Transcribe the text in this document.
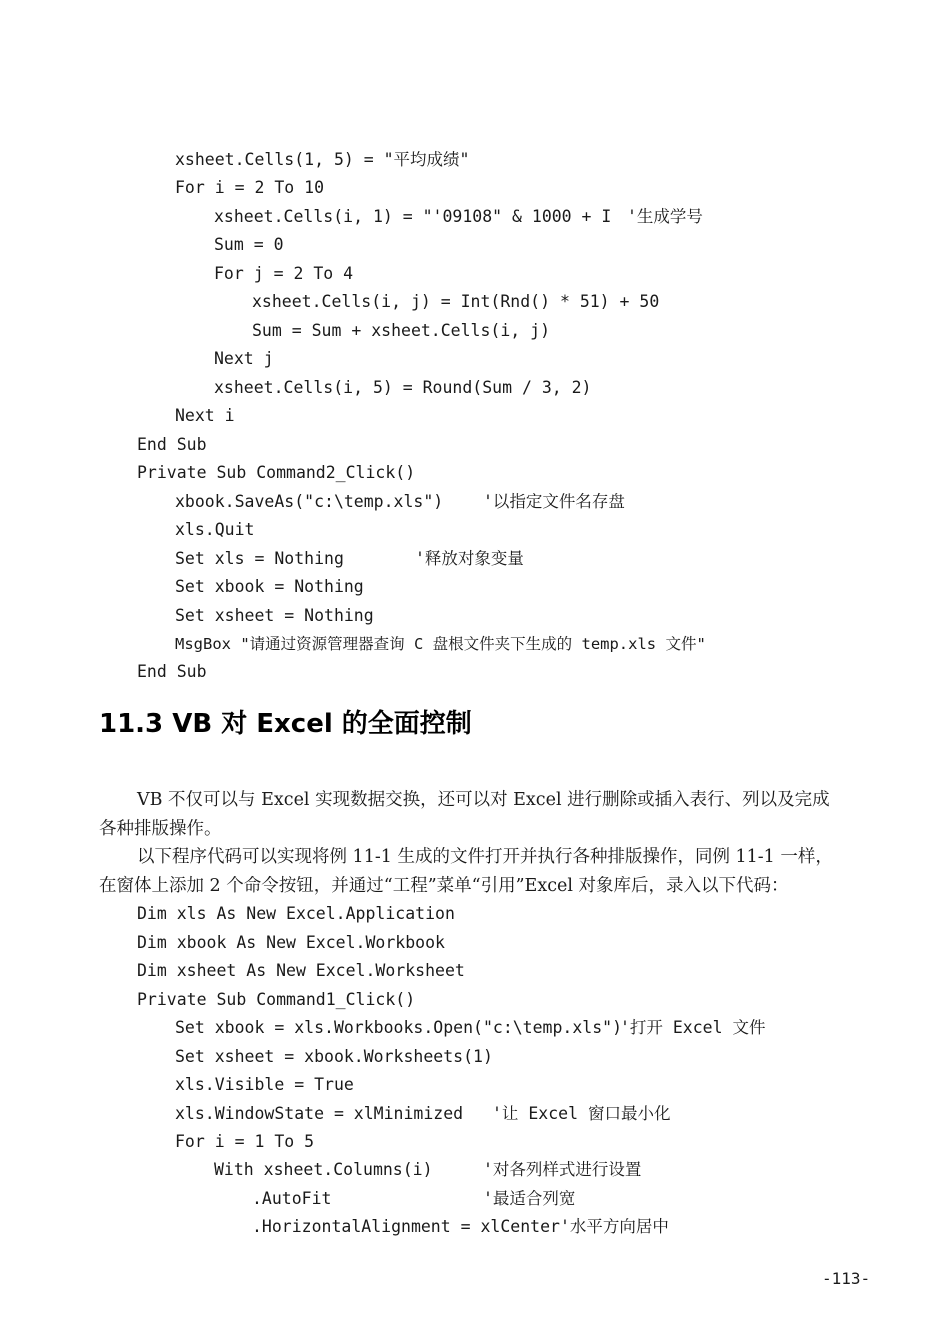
xsheet.Cells(1, 5) = "平均成绩"
For i = 2 To 10
xsheet.Cells(i, 1) = "'09108" & 1000 + I '生成学号
Sum = 0
For j = 2 To 4
xsheet.Cells(i, j) = Int(Rnd() * 51) + 50
Sum = Sum + xsheet.Cells(i, j)
Next j
xsheet.Cells(i, 5) = Round(Sum / 3, 2)
Next i
End Sub
Private Sub Command2_Click()
xbook.SaveAs("c:\temp.xls") '以指定文件名存盘
xls.Quit
Set xls = Nothing	'释放对象变量
Set xbook = Nothing
Set xsheet = Nothing
MsgBox "请通过资源管理器查询 C 盘根文件夹下生成的 temp.xls 文件"
End Sub
11.3 VB 对 Excel 的全面控制
VB 不仅可以与 Excel 实现数据交换，还可以对 Excel 进行删除或插入表行、列以及完成
各种排版操作。
以下程序代码可以实现将例 11-1 生成的文件打开并执行各种排版操作，同例 11-1 一样，
在窗体上添加 2 个命令按钮，并通过“工程”菜单“引用”Excel 对象库后，录入以下代码：
Dim xls As New Excel.Application
Dim xbook As New Excel.Workbook
Dim xsheet As New Excel.Worksheet
Private Sub Command1_Click()
Set xbook = xls.Workbooks.Open("c:\temp.xls")
'打开 Excel 文件
Set xsheet = xbook.Worksheets(1)
xls.Visible = True
xls.WindowState = xlMinimized '让 Excel 窗口最小化
For i = 1 To 5
With xsheet.Columns(i)	'对各列样式进行设置
.AutoFit	'最适合列宽
.HorizontalAlignment = xlCenter '水平方向居中
-113-
